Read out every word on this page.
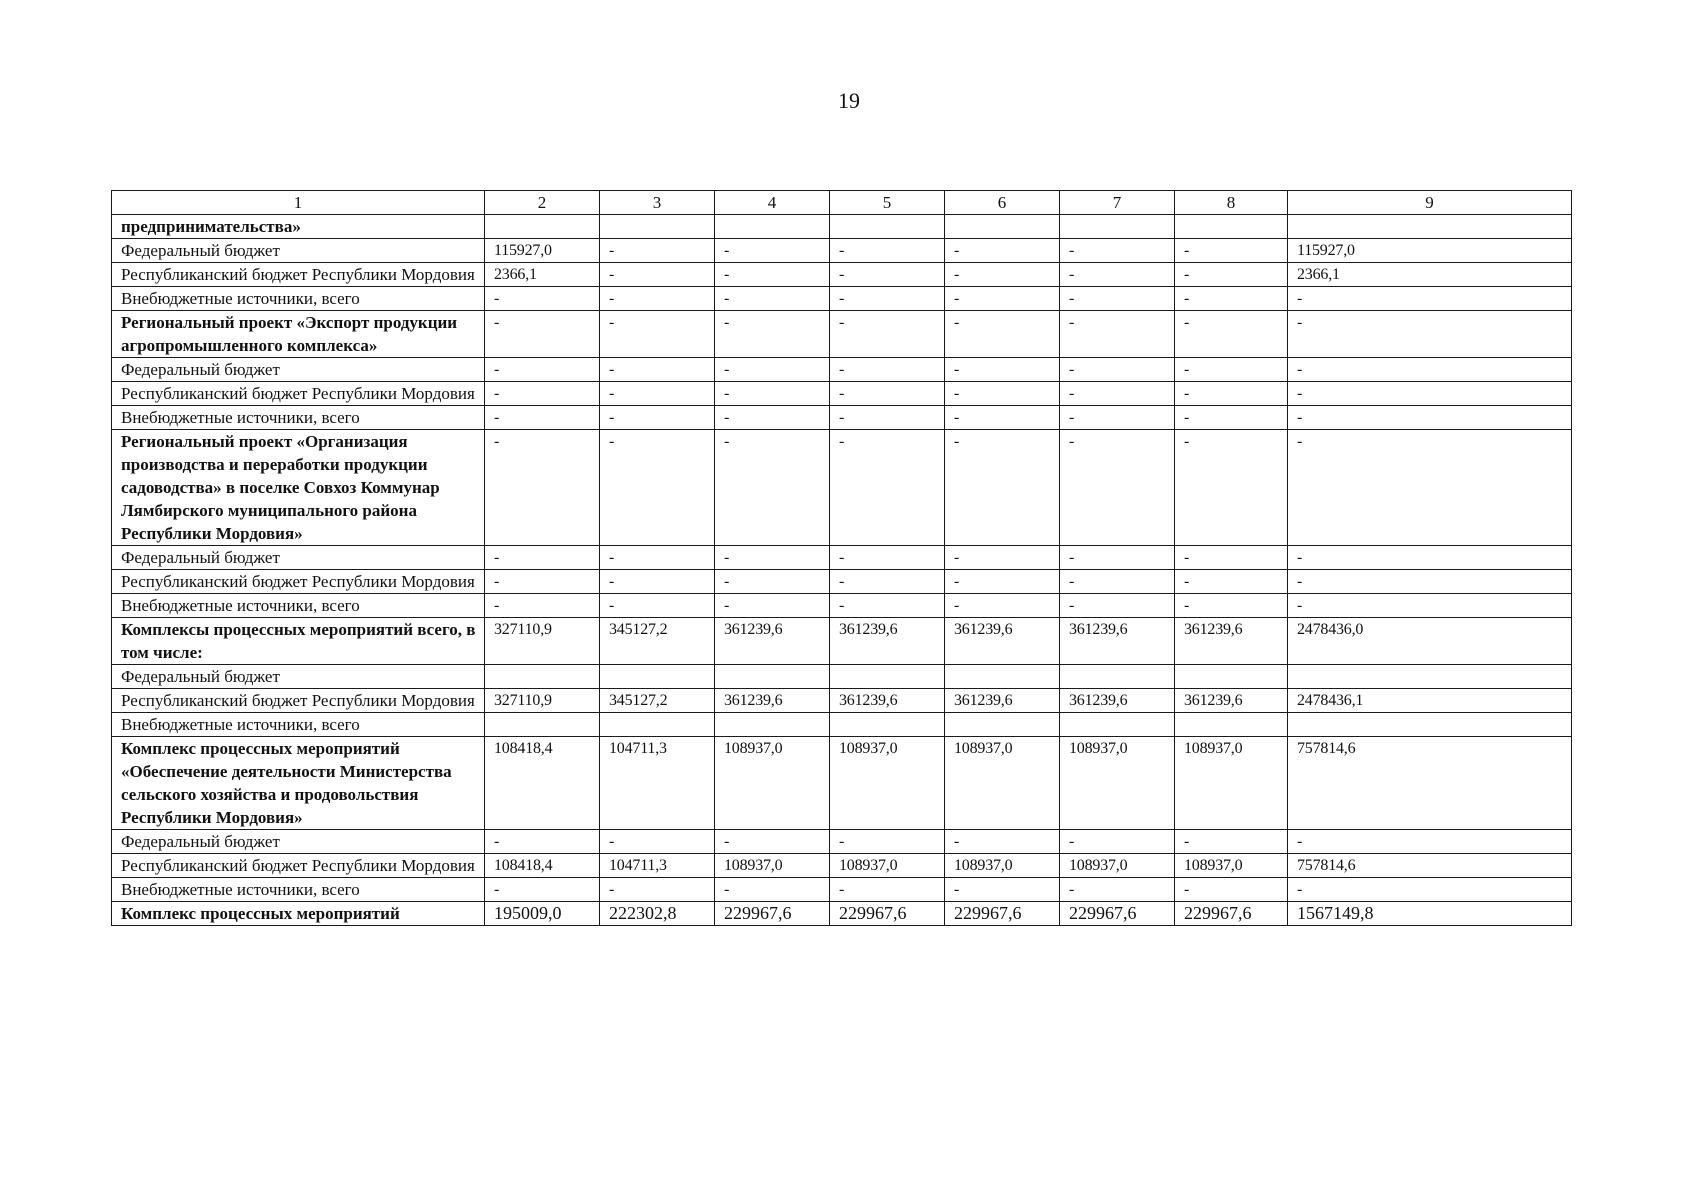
19
1	2	3	4	5	6	7	8	9
предпринимательства»								
Федеральный бюджет	115927,0	-	-	-	-	-	-	115927,0
Республиканский бюджет Республики Мордовия	2366,1	-	-	-	-	-	-	2366,1
Внебюджетные источники, всего	-	-	-	-	-	-	-	-
Региональный проект «Экспорт продукции агропромышленного комплекса»	-	-	-	-	-	-	-	-
Федеральный бюджет	-	-	-	-	-	-	-	-
Республиканский бюджет Республики Мордовия	-	-	-	-	-	-	-	-
Внебюджетные источники, всего	-	-	-	-	-	-	-	-
Региональный проект «Организация производства и переработки продукции садоводства» в поселке Совхоз Коммунар Лямбирского муниципального района Республики Мордовия»	-	-	-	-	-	-	-	-
Федеральный бюджет	-	-	-	-	-	-	-	-
Республиканский бюджет Республики Мордовия	-	-	-	-	-	-	-	-
Внебюджетные источники, всего	-	-	-	-	-	-	-	-
Комплексы процессных мероприятий всего, в том числе:	327110,9	345127,2	361239,6	361239,6	361239,6	361239,6	361239,6	2478436,0
Федеральный бюджет								
Республиканский бюджет Республики Мордовия	327110,9	345127,2	361239,6	361239,6	361239,6	361239,6	361239,6	2478436,1
Внебюджетные источники, всего								
Комплекс процессных мероприятий «Обеспечение деятельности Министерства сельского хозяйства и продовольствия Республики Мордовия»	108418,4	104711,3	108937,0	108937,0	108937,0	108937,0	108937,0	757814,6
Федеральный бюджет	-	-	-	-	-	-	-	-
Республиканский бюджет Республики Мордовия	108418,4	104711,3	108937,0	108937,0	108937,0	108937,0	108937,0	757814,6
Внебюджетные источники, всего	-	-	-	-	-	-	-	-
Комплекс процессных мероприятий	195009,0	222302,8	229967,6	229967,6	229967,6	229967,6	229967,6	1567149,8
